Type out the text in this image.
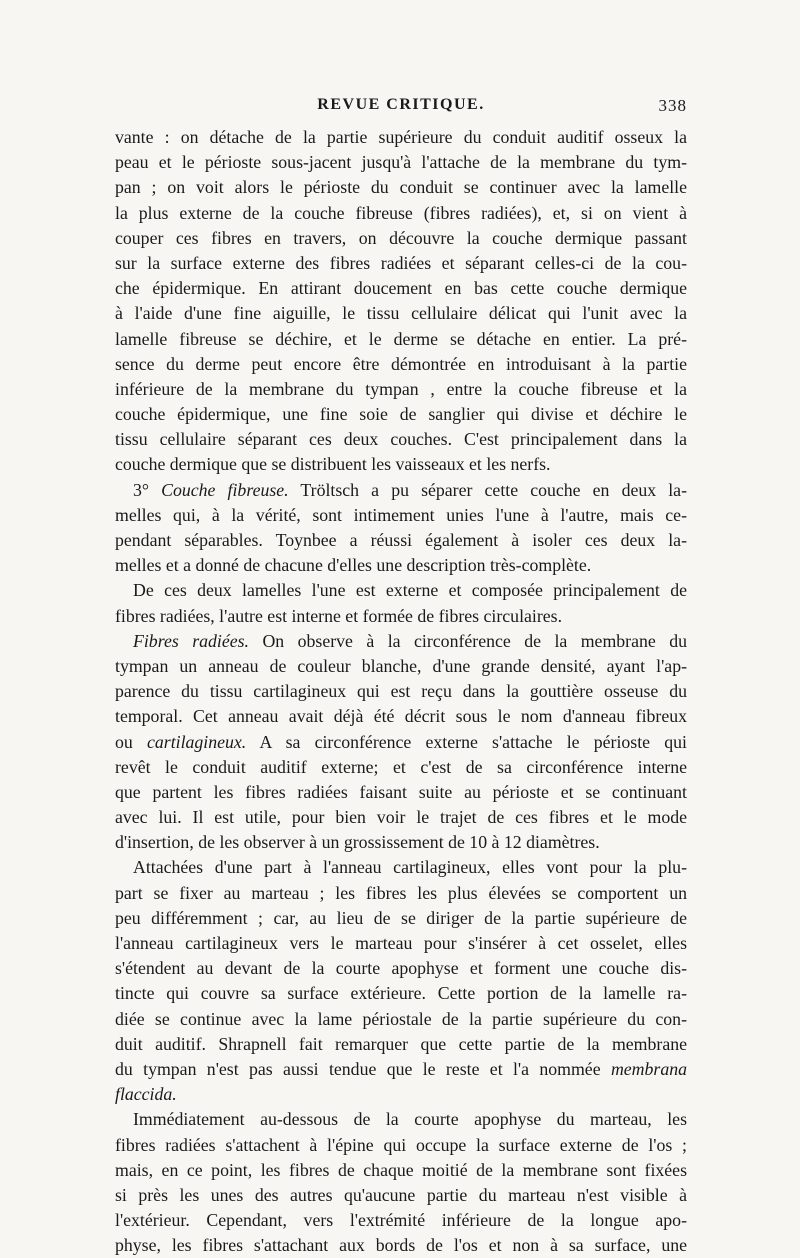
REVUE CRITIQUE.	338
vante : on détache de la partie supérieure du conduit auditif osseux la
peau et le périoste sous-jacent jusqu'à l'attache de la membrane du tym-
pan ; on voit alors le périoste du conduit se continuer avec la lamelle
la plus externe de la couche fibreuse (fibres radiées), et, si on vient à
couper ces fibres en travers, on découvre la couche dermique passant
sur la surface externe des fibres radiées et séparant celles-ci de la cou-
che épidermique. En attirant doucement en bas cette couche dermique
à l'aide d'une fine aiguille, le tissu cellulaire délicat qui l'unit avec la
lamelle fibreuse se déchire, et le derme se détache en entier. La pré-
sence du derme peut encore être démontrée en introduisant à la partie
inférieure de la membrane du tympan , entre la couche fibreuse et la
couche épidermique, une fine soie de sanglier qui divise et déchire le
tissu cellulaire séparant ces deux couches. C'est principalement dans la
couche dermique que se distribuent les vaisseaux et les nerfs.
3° Couche fibreuse. Tröltsch a pu séparer cette couche en deux la-
melles qui, à la vérité, sont intimement unies l'une à l'autre, mais ce-
pendant séparables. Toynbee a réussi également à isoler ces deux la-
melles et a donné de chacune d'elles une description très-complète.
De ces deux lamelles l'une est externe et composée principalement de
fibres radiées, l'autre est interne et formée de fibres circulaires.
Fibres radiées. On observe à la circonférence de la membrane du
tympan un anneau de couleur blanche, d'une grande densité, ayant l'ap-
parence du tissu cartilagineux qui est reçu dans la gouttière osseuse du
temporal. Cet anneau avait déjà été décrit sous le nom d'anneau fibreux
ou cartilagineux. A sa circonférence externe s'attache le périoste qui
revêt le conduit auditif externe; et c'est de sa circonférence interne
que partent les fibres radiées faisant suite au périoste et se continuant
avec lui. Il est utile, pour bien voir le trajet de ces fibres et le mode
d'insertion, de les observer à un grossissement de 10 à 12 diamètres.
Attachées d'une part à l'anneau cartilagineux, elles vont pour la plu-
part se fixer au marteau ; les fibres les plus élevées se comportent un
peu différemment ; car, au lieu de se diriger de la partie supérieure de
l'anneau cartilagineux vers le marteau pour s'insérer à cet osselet, elles
s'étendent au devant de la courte apophyse et forment une couche dis-
tincte qui couvre sa surface extérieure. Cette portion de la lamelle ra-
diée se continue avec la lame périostale de la partie supérieure du con-
duit auditif. Shrapnell fait remarquer que cette partie de la membrane
du tympan n'est pas aussi tendue que le reste et l'a nommée membrana
flaccida.
Immédiatement au-dessous de la courte apophyse du marteau, les
fibres radiées s'attachent à l'épine qui occupe la surface externe de l'os ;
mais, en ce point, les fibres de chaque moitié de la membrane sont fixées
si près les unes des autres qu'aucune partie du marteau n'est visible à
l'extérieur. Cependant, vers l'extrémité inférieure de la longue apo-
physe, les fibres s'attachant aux bords de l'os et non à sa surface, une
